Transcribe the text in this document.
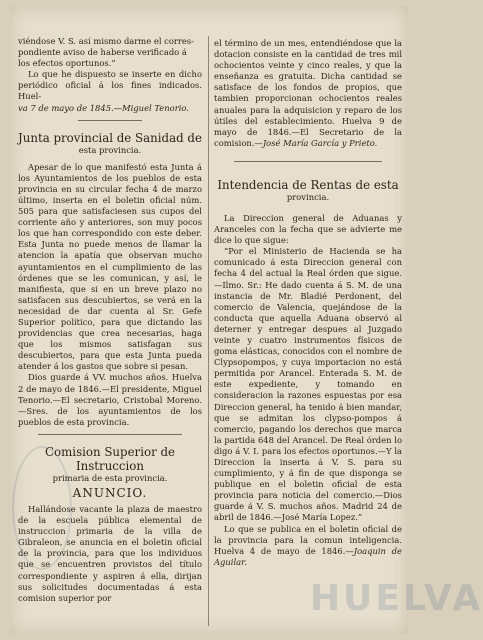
viéndose V. S. así mismo darme el corres-

pondiente aviso de haberse verificado á

los efectos oportunos.”

Lo que he dispuesto se inserte en dicho periódico oficial á los fines indicados. Huel-

va 7 de mayo de 1845.—Miguel Tenorio.

Junta provincial de Sanidad de
esta provincia.

Apesar de lo que manifestó esta Junta á los Ayuntamientos de los pueblos de esta provincia en su circular fecha 4 de marzo último, inserta en el boletin oficial núm. 505 para que satisfaciesen sus cupos del corriente año y anteriores, son muy pocos los que han correspondido con este deber. Esta Junta no puede menos de llamar la atencion la apatía que observan mucho ayuntamientos en el cumplimiento de las órdenes que se les comunican, y así, le manifiesta, que si en un breve plazo no satisfacen sus descubiertos, se verá en la necesidad de dar cuenta al Sr. Gefe Superior político, para que dictando las providencias que crea necesarias, haga que los mismos satisfagan sus descubiertos, para que esta Junta pueda atender á los gastos que sobre si pesan.

Dios guarde á VV. muchos años. Huelva 2 de mayo de 1846.—El presidente, Miguel Tenorio.—El secretario, Cristobal Moreno.—Sres. de los ayuntamientos de los pueblos de esta provincia.

Comision Superior de Instruccion
primaria de esta provincia.
ANUNCIO.

Hallándose vacante la plaza de maestro de la escuela pública elemental de instruccion primaria de la villa de Gibraleon, se anuncia en el boletin oficial de la provincia, para que los individuos que se encuentren provistos del título correspondiente y aspiren á ella, dirijan sus solicitudes documentadas á esta comision superior por

el término de un mes, entendiéndose que la dotacion consiste en la cantidad de tres mil ochocientos veinte y cinco reales, y que la enseñanza es gratuita. Dicha cantidad se satisface de los fondos de propios, que tambien proporcionan ochocientos reales anuales para la adquisicion y reparo de los útiles del establecimiento. Huelva 9 de mayo de 1846.—El Secretario de la comision.—José María García y Prieto.

Intendencia de Rentas de esta
provincia.

La Direccion general de Aduanas y Aranceles con la fecha que se advierte me dice lo que sigue:

“Por el Ministerio de Hacienda se ha comunicado á esta Direccion general con fecha 4 del actual la Real órden que sigue.—Ilmo. Sr.: He dado cuenta á S. M. de una instancia de Mr. Bladié Perdonent, del comercio de Valencia, quejándose de la conducta que aquella Aduana observó al deterner y entregar despues al Juzgado veinte y cuatro instrumentos físicos de goma elásticas, conocidos con el nombre de Clypsopompos, y cuya importacion no está permitida por Arancel. Enterada S. M. de este expediente, y tomando en consideracion la razones espuestas por esa Direccion general, ha tenido á bien mandar, que se admitan los clypso-pompos á comercio, pagando los derechos que marca la partida 648 del Arancel. De Real órden lo digo á V. I. para los efectos oportunos.—Y la Direccion la inserta á V. S. para su cumplimiento, y á fin de que disponga se publique en el boletin oficial de esta provincia para noticia del comercio.—Dios guarde á V. S. muchos años. Madrid 24 de abril de 1846.—José María Lopez.”

Lo que se publica en el boletin oficial de la provincia para la comun inteligencia. Huelva 4 de mayo de 1846.—Joaquin de Aguilar.

HUELVA
